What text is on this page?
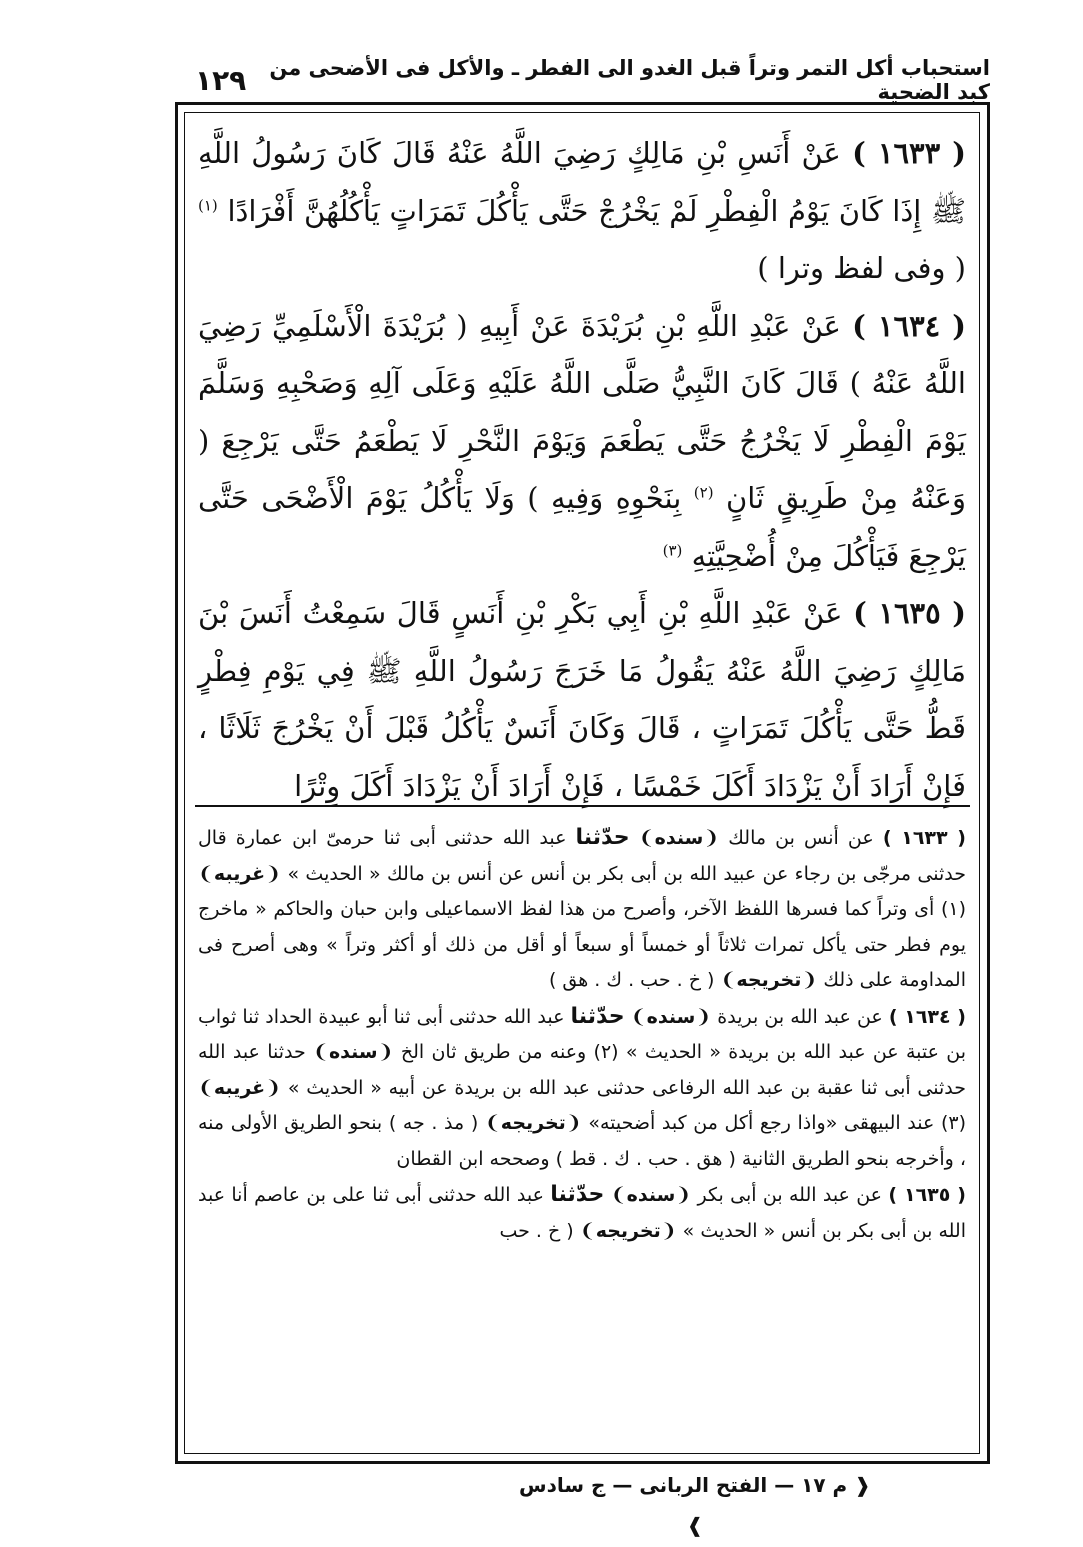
استحباب أكل التمر وتراً قبل الغدو الى الفطر ـ والأكل فى الأضحى من كبد الضحية
١٢٩

( ١٦٣٣ ) عَنْ أَنَسِ بْنِ مَالِكٍ رَضِيَ اللَّهُ عَنْهُ قَالَ كَانَ رَسُولُ اللَّهِ ﷺ إِذَا كَانَ يَوْمُ الْفِطْرِ لَمْ يَخْرُجْ حَتَّى يَأْكُلَ تَمَرَاتٍ يَأْكُلُهُنَّ أَفْرَادًا $^{(١)}$ ( وفى لفظ وترا )

( ١٦٣٤ ) عَنْ عَبْدِ اللَّهِ بْنِ بُرَيْدَةَ عَنْ أَبِيهِ ( بُرَيْدَةَ الْأَسْلَمِيِّ رَضِيَ اللَّهُ عَنْهُ ) قَالَ كَانَ النَّبِيُّ صَلَّى اللَّهُ عَلَيْهِ وَعَلَى آلِهِ وَصَحْبِهِ وَسَلَّمَ يَوْمَ الْفِطْرِ لَا يَخْرُجُ حَتَّى يَطْعَمَ وَيَوْمَ النَّحْرِ لَا يَطْعَمُ حَتَّى يَرْجِعَ ( وَعَنْهُ مِنْ طَرِيقٍ ثَانٍ $^{(٢)}$ بِنَحْوِهِ وَفِيهِ ) وَلَا يَأْكُلُ يَوْمَ الْأَضْحَى حَتَّى يَرْجِعَ فَيَأْكُلَ مِنْ أُضْحِيَّتِهِ $^{(٣)}$

( ١٦٣٥ ) عَنْ عَبْدِ اللَّهِ بْنِ أَبِي بَكْرِ بْنِ أَنَسٍ قَالَ سَمِعْتُ أَنَسَ بْنَ مَالِكٍ رَضِيَ اللَّهُ عَنْهُ يَقُولُ مَا خَرَجَ رَسُولُ اللَّهِ ﷺ فِي يَوْمِ فِطْرٍ قَطُّ حَتَّى يَأْكُلَ تَمَرَاتٍ ، قَالَ وَكَانَ أَنَسٌ يَأْكُلُ قَبْلَ أَنْ يَخْرُجَ ثَلَاثًا ، فَإِنْ أَرَادَ أَنْ يَزْدَادَ أَكَلَ خَمْسًا ، فَإِنْ أَرَادَ أَنْ يَزْدَادَ أَكَلَ وِتْرًا

( ١٦٣٣ ) عن أنس بن مالك ❨ سنده ❩ حدّثنا عبد الله حدثنى أبى ثنا حرمىّ ابن عمارة قال حدثنى مرجّى بن رجاء عن عبيد الله بن أبى بكر بن أنس عن أنس بن مالك « الحديث » ❨ غريبه ❩ (١) أى وتراً كما فسرها اللفظ الآخر، وأصرح من هذا لفظ الاسماعيلى وابن حبان والحاكم « ماخرج يوم فطر حتى يأكل تمرات ثلاثاً أو خمساً أو سبعاً أو أقل من ذلك أو أكثر وتراً » وهى أصرح فى المداومة على ذلك ❨ تخريجه ❩ ( خ . حب . ك . هق )

( ١٦٣٤ ) عن عبد الله بن بريدة ❨ سنده ❩ حدّثنا عبد الله حدثنى أبى ثنا أبو عبيدة الحداد ثنا ثواب بن عتبة عن عبد الله بن بريدة « الحديث » (٢) وعنه من طريق ثان الخ ❨ سنده ❩ حدثنا عبد الله حدثنى أبى ثنا عقبة بن عبد الله الرفاعى حدثنى عبد الله بن بريدة عن أبيه « الحديث » ❨ غريبه ❩ (٣) عند البيهقى «واذا رجع أكل من كبد أضحيته» ❨ تخريجه ❩ ( مذ . جه ) بنحو الطريق الأولى منه ، وأخرجه بنحو الطريق الثانية ( هق . حب . ك . قط ) وصححه ابن القطان

( ١٦٣٥ ) عن عبد الله بن أبى بكر ❨ سنده ❩ حدّثنا عبد الله حدثنى أبى ثنا على بن عاصم أنا عبد الله بن أبى بكر بن أنس « الحديث » ❨ تخريجه ❩ ( خ . حب

❰ م ١٧ — الفتح الربانى — ج سادس ❱
